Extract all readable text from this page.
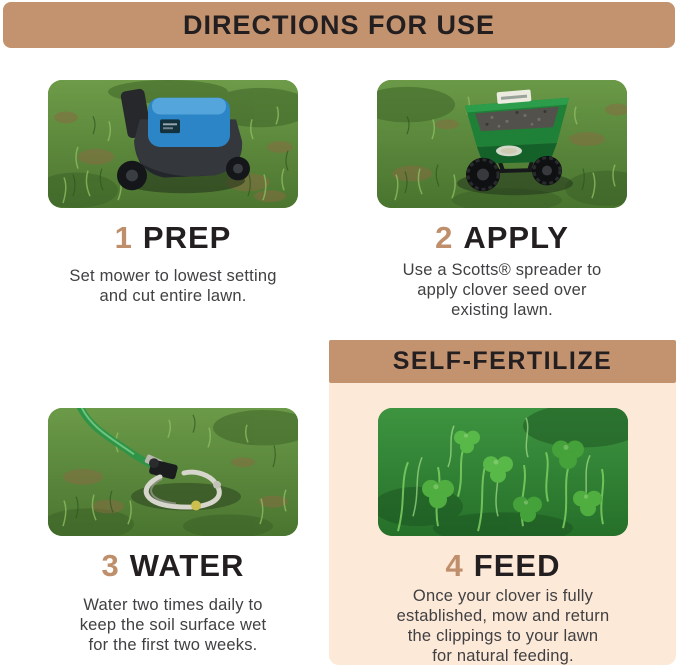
DIRECTIONS FOR USE
SELF-FERTILIZE
1 PREP
Set mower to lowest setting
and cut entire lawn.
2 APPLY
Use a Scotts® spreader to
apply clover seed over
existing lawn.
3 WATER
Water two times daily to
keep the soil surface wet
for the first two weeks.
4 FEED
Once your clover is fully
established, mow and return
the clippings to your lawn
for natural feeding.
